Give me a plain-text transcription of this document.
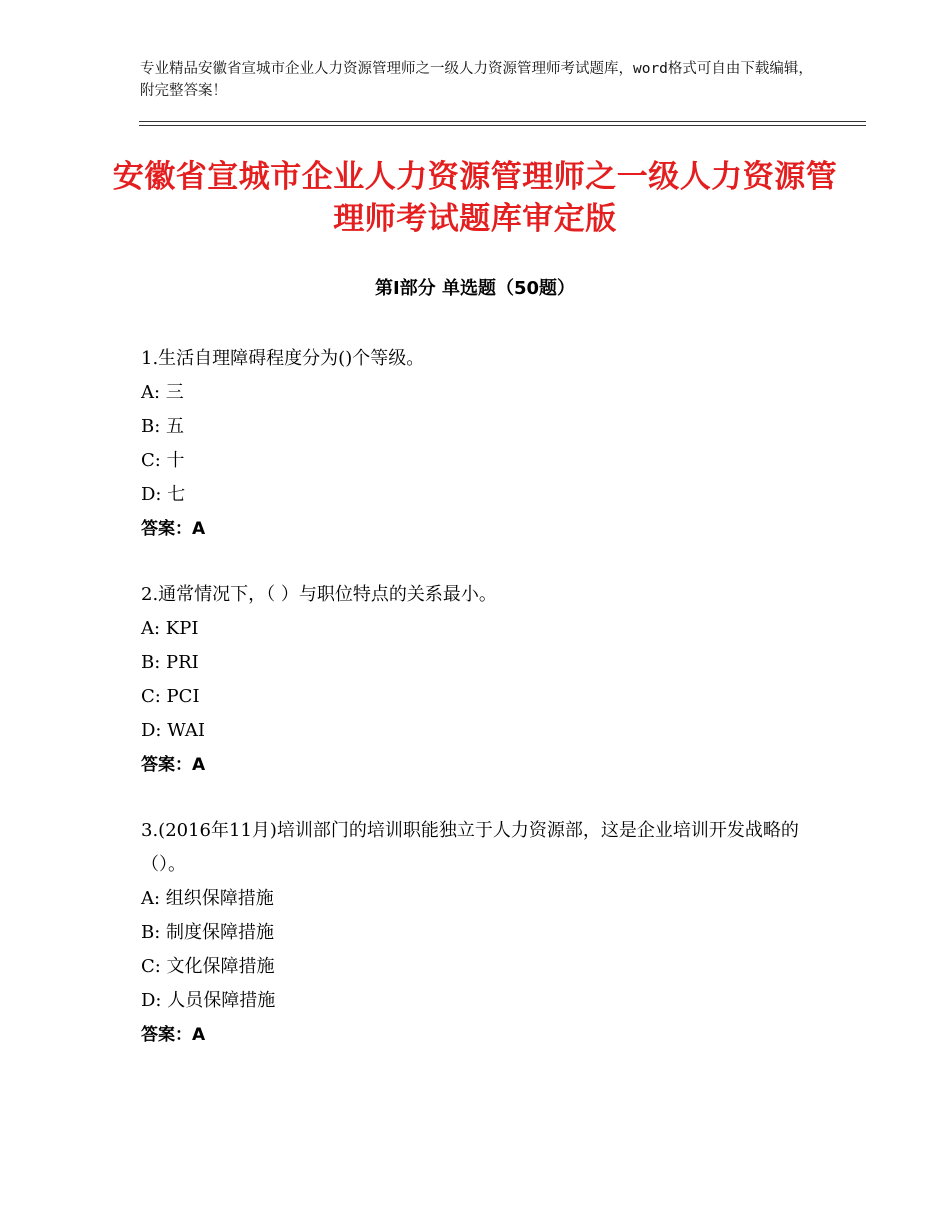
专业精品安徽省宣城市企业人力资源管理师之一级人力资源管理师考试题库，word格式可自由下载编辑，附完整答案！
安徽省宣城市企业人力资源管理师之一级人力资源管理师考试题库审定版
第Ⅰ部分 单选题（50题）
1.生活自理障碍程度分为()个等级。
A: 三
B: 五
C: 十
D: 七
答案：A
2.通常情况下，（ ）与职位特点的关系最小。
A: KPI
B: PRI
C: PCI
D: WAI
答案：A
3.(2016年11月)培训部门的培训职能独立于人力资源部，这是企业培训开发战略的（）。
A: 组织保障措施
B: 制度保障措施
C: 文化保障措施
D: 人员保障措施
答案：A
